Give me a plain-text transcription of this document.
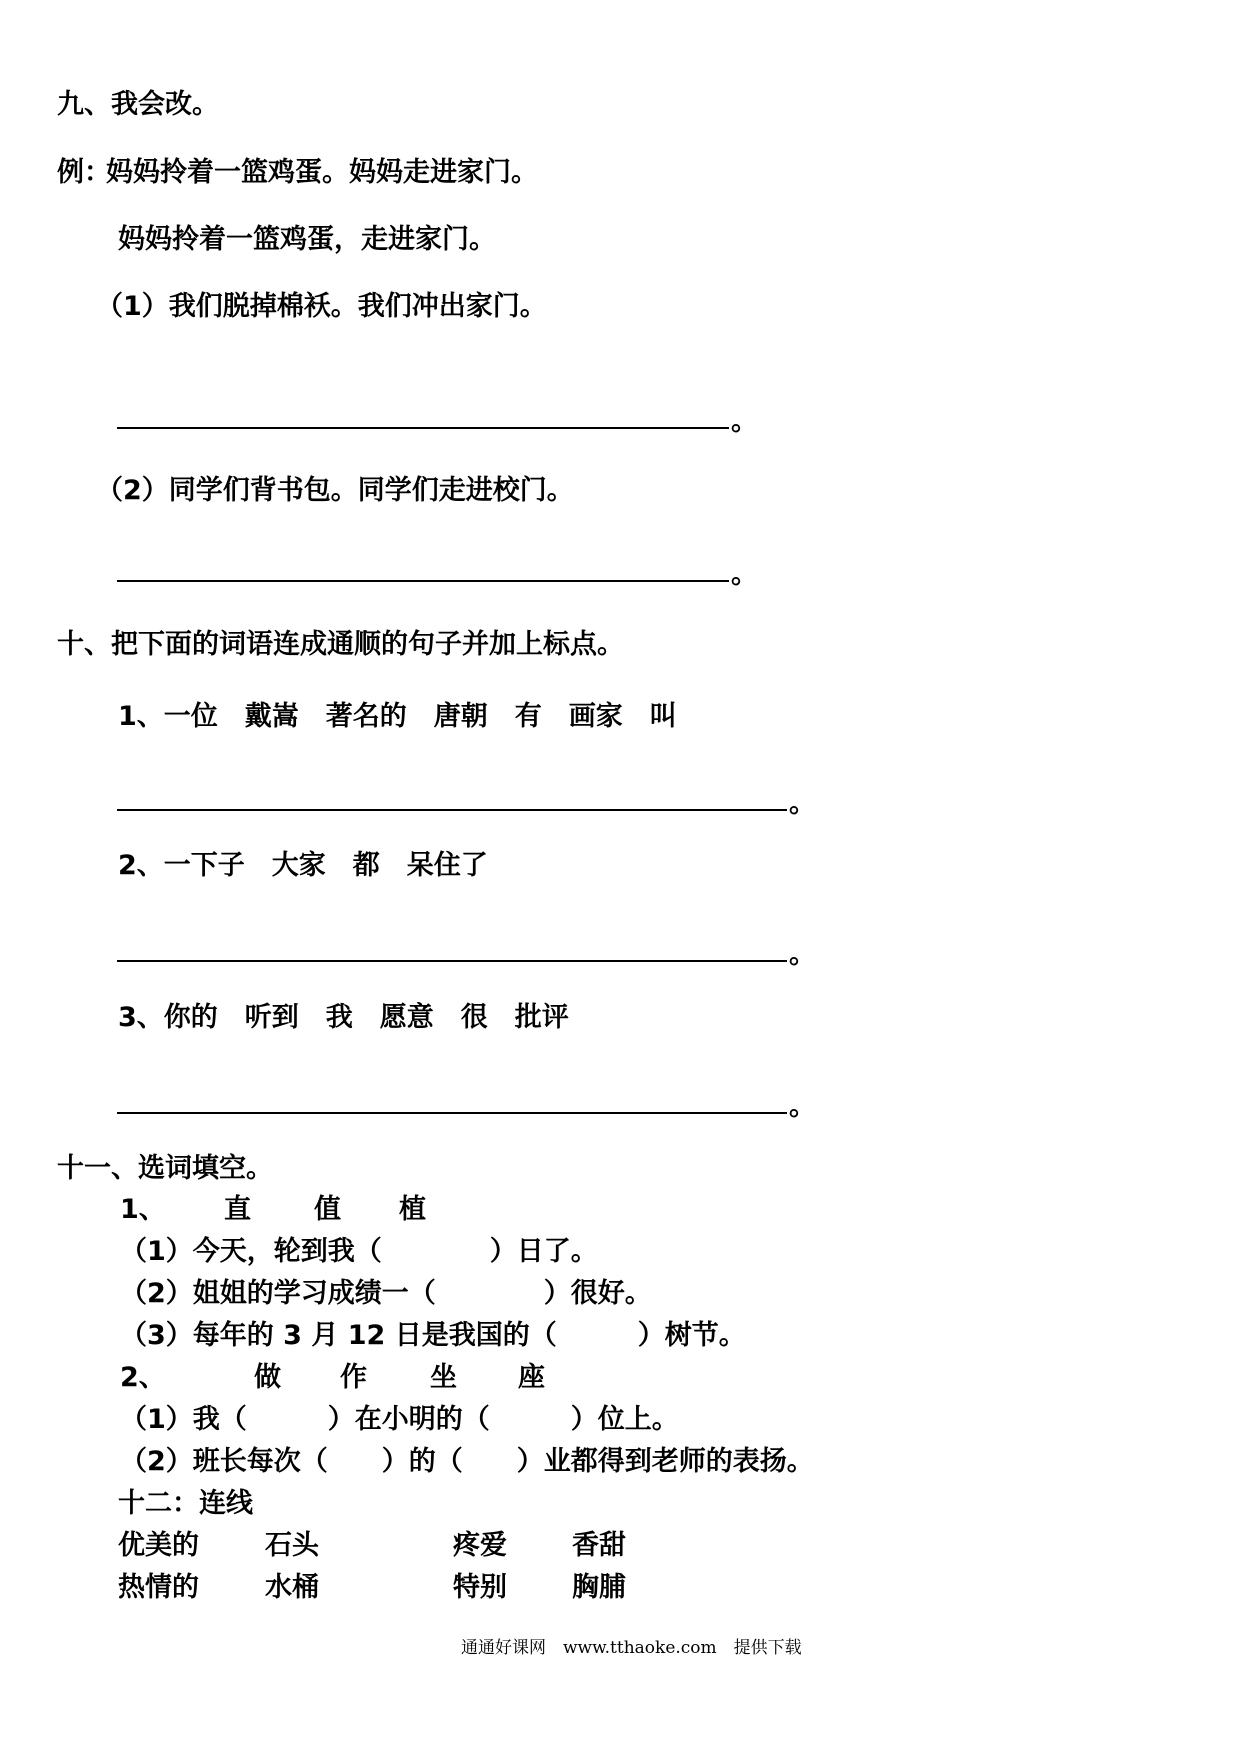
九、我会改。
例：
妈妈拎着一篮鸡蛋。妈妈走进家门。
妈妈拎着一篮鸡蛋，走进家门。
（1）我们脱掉棉袄。我们冲出家门。
。
（2）同学们背书包。同学们走进校门。
。
十、把下面的词语连成通顺的句子并加上标点。
1、一位　戴嵩　著名的　唐朝　有　画家　叫
。
2、一下子　大家　都　呆住了
。
3、你的　听到　我　愿意　很　批评
。
十一、选词填空。
1、 直 值 植
（1）今天，轮到我（　　　　）日了。
（2）姐姐的学习成绩一（　　　　）很好。
（3）每年的 3 月 12 日是我国的（　　　）树节。
2、	做 作 坐 座
（1）我（　　　）在小明的（　　　）位上。
（2）班长每次（　　）的（　　）业都得到老师的表扬。
十二：连线
优美的 石头	疼爱 香甜
热情的 水桶	特别 胸脯
通通好课网　www.tthaoke.com　提供下载
